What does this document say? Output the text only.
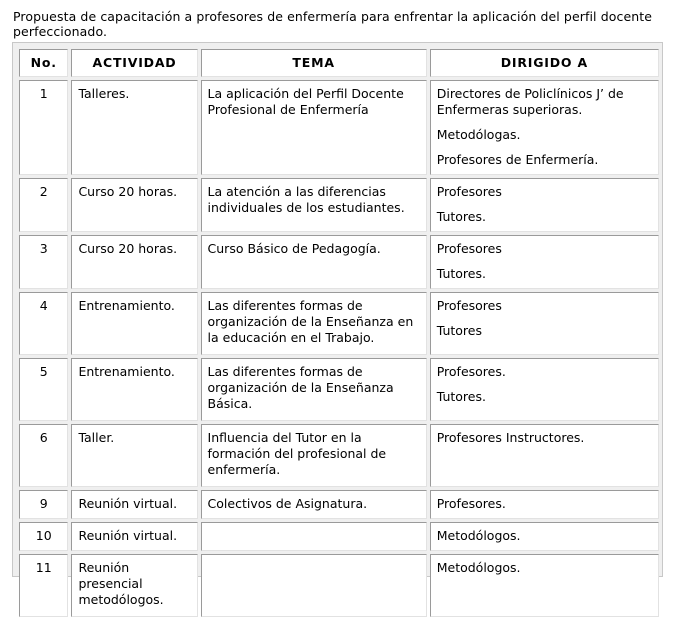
Propuesta de capacitación a profesores de enfermería para enfrentar la aplicación del perfil docente perfeccionado.
No.	ACTIVIDAD	TEMA	DIRIGIDO A
1	Talleres.	La aplicación del Perfil Docente Profesional de Enfermería	Directores de Policlínicos J’ de Enfermeras superioras.

Metodólogas.

Profesores de Enfermería.

2	Curso 20 horas.	La atención a las diferencias individuales de los estudiantes.	Profesores

Tutores.

3	Curso 20 horas.	Curso Básico de Pedagogía.	Profesores

Tutores.

4	Entrenamiento.	Las diferentes formas de organización de la Enseñanza en la educación en el Trabajo.	Profesores

Tutores

5	Entrenamiento.	Las diferentes formas de organización de la Enseñanza Básica.	Profesores.

Tutores.

6	Taller.	Influencia del Tutor en la formación del profesional de enfermería.	Profesores Instructores.

9	Reunión virtual.	Colectivos de Asignatura.	Profesores.

10	Reunión virtual.		Metodólogos.

11	Reunión presencial metodólogos.		Metodólogos.
